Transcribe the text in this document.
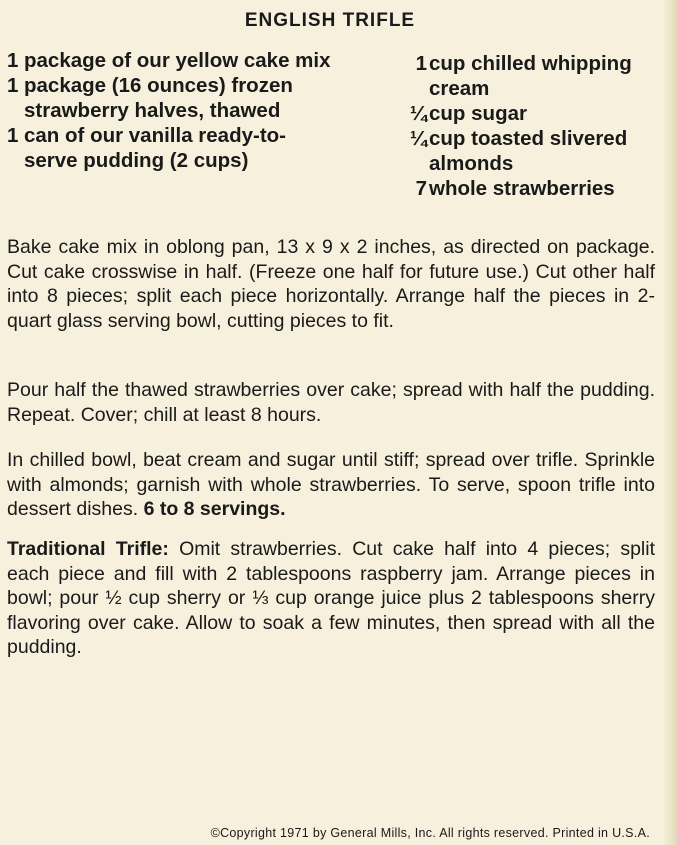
ENGLISH TRIFLE
1 package of our yellow cake mix
1 package (16 ounces) frozen strawberry halves, thawed
1 can of our vanilla ready-to-serve pudding (2 cups)
1 cup chilled whipping cream
¼ cup sugar
¼ cup toasted slivered almonds
7 whole strawberries

Bake cake mix in oblong pan, 13 x 9 x 2 inches, as directed on package. Cut cake crosswise in half. (Freeze one half for future use.) Cut other half into 8 pieces; split each piece horizontally. Arrange half the pieces in 2-quart glass serving bowl, cutting pieces to fit.

Pour half the thawed strawberries over cake; spread with half the pudding. Repeat. Cover; chill at least 8 hours.

In chilled bowl, beat cream and sugar until stiff; spread over trifle. Sprinkle with almonds; garnish with whole strawberries. To serve, spoon trifle into dessert dishes. 6 to 8 servings.

Traditional Trifle: Omit strawberries. Cut cake half into 4 pieces; split each piece and fill with 2 tablespoons raspberry jam. Arrange pieces in bowl; pour ½ cup sherry or ⅓ cup orange juice plus 2 tablespoons sherry flavoring over cake. Allow to soak a few minutes, then spread with all the pudding.

©Copyright 1971 by General Mills, Inc. All rights reserved. Printed in U.S.A.
